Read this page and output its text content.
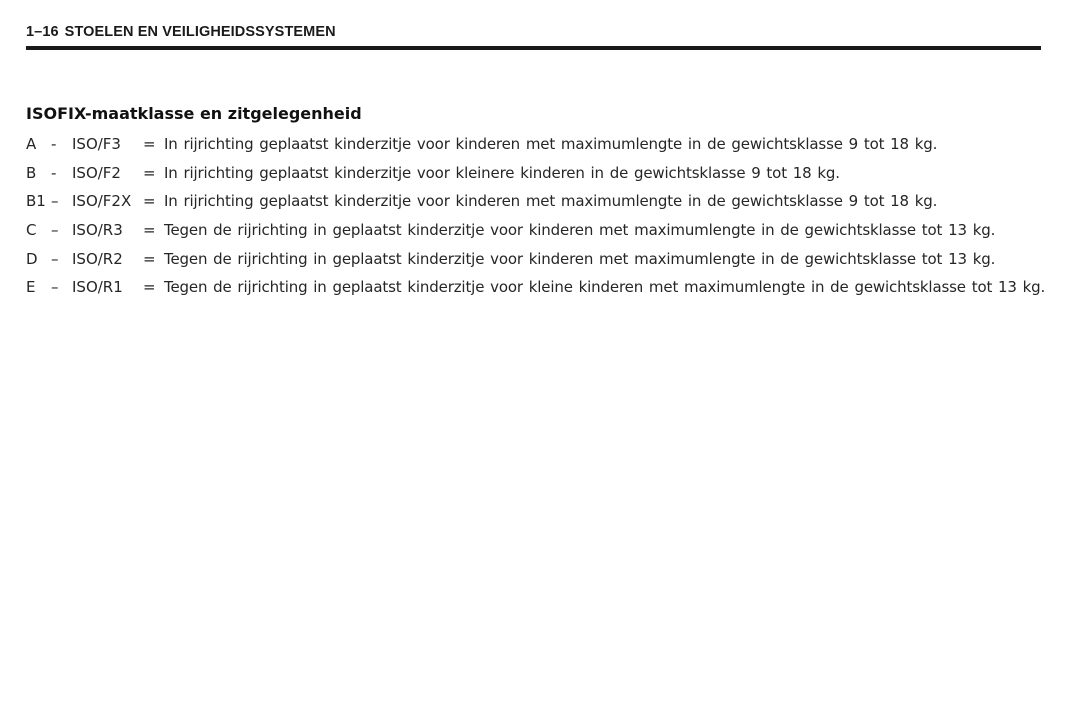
1–16 STOELEN EN VEILIGHEIDSSYSTEMEN
ISOFIX-maatklasse en zitgelegenheid
A -	ISO/F3	= In rijrichting geplaatst kinderzitje voor kinderen met maximumlengte in de gewichtsklasse 9 tot 18 kg.
B -	ISO/F2	= In rijrichting geplaatst kinderzitje voor kleinere kinderen in de gewichtsklasse 9 tot 18 kg.
B1 – ISO/F2X = In rijrichting geplaatst kinderzitje voor kinderen met maximumlengte in de gewichtsklasse 9 tot 18 kg.
C – ISO/R3	= Tegen de rijrichting in geplaatst kinderzitje voor kinderen met maximumlengte in de gewichtsklasse tot 13 kg.
D – ISO/R2	= Tegen de rijrichting in geplaatst kinderzitje voor kinderen met maximumlengte in de gewichtsklasse tot 13 kg.
E	– ISO/R1	= Tegen de rijrichting in geplaatst kinderzitje voor kleine kinderen met maximumlengte in de gewichtsklasse tot 13 kg.
